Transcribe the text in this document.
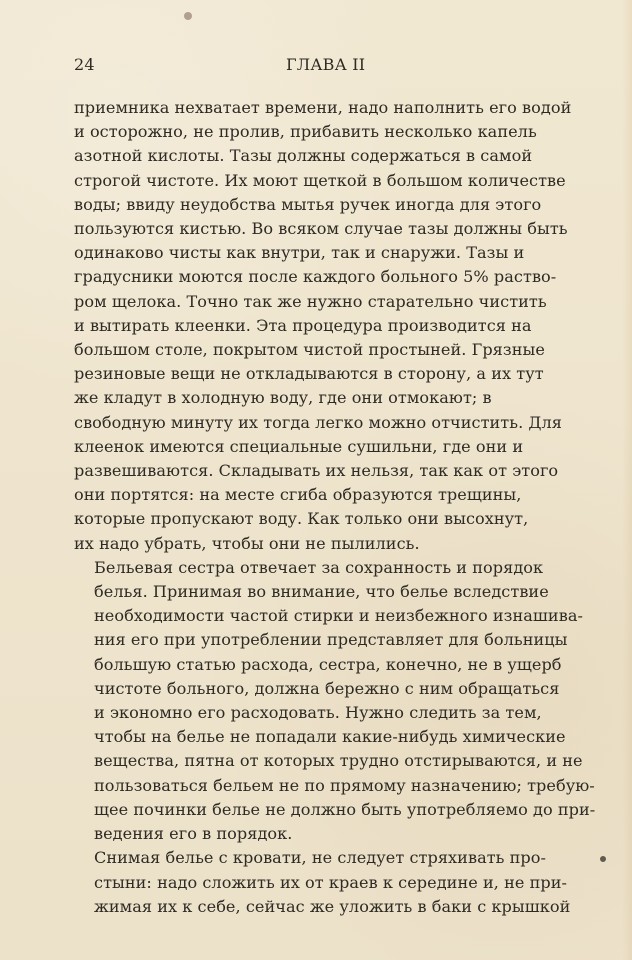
24	ГЛАВА II

приемника нехватает времени, надо наполнить его водой
и осторожно, не пролив, прибавить несколько капель
азотной кислоты. Тазы должны содержаться в самой
строгой чистоте. Их моют щеткой в большом количестве
воды; ввиду неудобства мытья ручек иногда для этого
пользуются кистью. Во всяком случае тазы должны быть
одинаково чисты как внутри, так и снаружи. Тазы и
градусники моются после каждого больного 5% раство-
ром щелока. Точно так же нужно старательно чистить
и вытирать клеенки. Эта процедура производится на
большом столе, покрытом чистой простыней. Грязные
резиновые вещи не откладываются в сторону, а их тут
же кладут в холодную воду, где они отмокают; в
свободную минуту их тогда легко можно отчистить. Для
клеенок имеются специальные сушильни, где они и
развешиваются. Складывать их нельзя, так как от этого
они портятся: на месте сгиба образуются трещины,
которые пропускают воду. Как только они высохнут,
их надо убрать, чтобы они не пылились.

Бельевая сестра отвечает за сохранность и порядок
белья. Принимая во внимание, что белье вследствие
необходимости частой стирки и неизбежного изнашива-
ния его при употреблении представляет для больницы
большую статью расхода, сестра, конечно, не в ущерб
чистоте больного, должна бережно с ним обращаться
и экономно его расходовать. Нужно следить за тем,
чтобы на белье не попадали какие-нибудь химические
вещества, пятна от которых трудно отстирываются, и не
пользоваться бельем не по прямому назначению; требую-
щее починки белье не должно быть употребляемо до при-
ведения его в порядок.

Снимая белье с кровати, не следует стряхивать про-
стыни: надо сложить их от краев к середине и, не при-
жимая их к себе, сейчас же уложить в баки с крышкой
